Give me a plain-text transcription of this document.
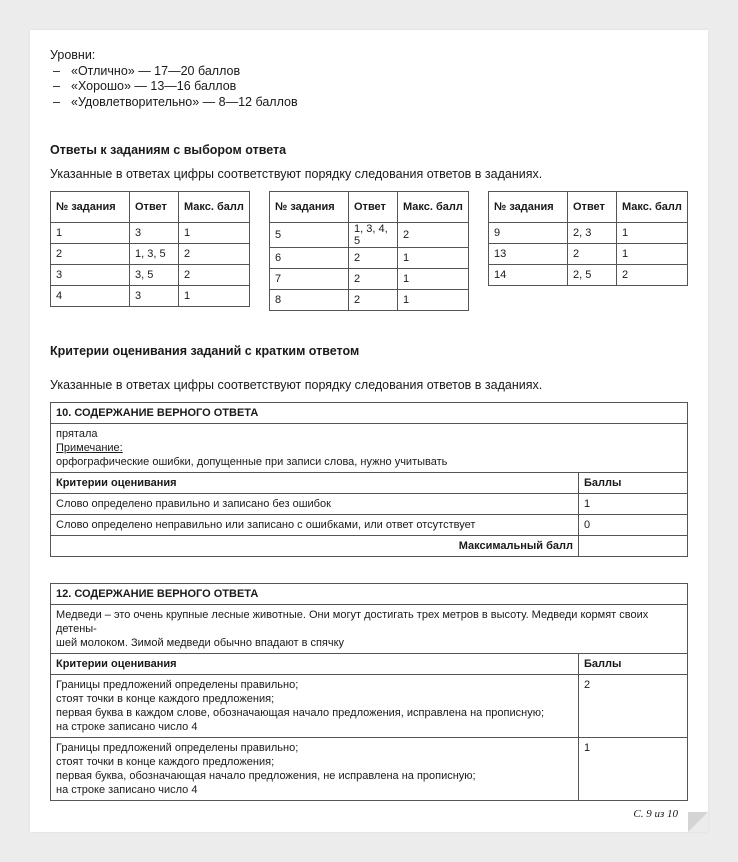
Уровни:
– «Отлично» — 17—20 баллов
– «Хорошо» — 13—16 баллов
– «Удовлетворительно» — 8—12 баллов
Ответы к заданиям с выбором ответа
Указанные в ответах цифры соответствуют порядку следования ответов в заданиях.
№ задания	Ответ	Макс. балл
1	3	1
2	1, 3, 5	2
3	3, 5	2
4	3	1
№ задания	Ответ	Макс. балл
5	1, 3, 4, 5	2
6	2	1
7	2	1
8	2	1
№ задания	Ответ	Макс. балл
9	2, 3	1
13	2	1
14	2, 5	2
Критерии оценивания заданий с кратким ответом
Указанные в ответах цифры соответствуют порядку следования ответов в заданиях.
10. СОДЕРЖАНИЕ ВЕРНОГО ОТВЕТА	

прятала
Примечание:
орфографические ошибки, допущенные при записи слова, нужно учитывать	

Критерии оценивания	Баллы
Слово определено правильно и записано без ошибок	1
Слово определено неправильно или записано с ошибками, или ответ отсутствует	0
Максимальный балл	
12. СОДЕРЖАНИЕ ВЕРНОГО ОТВЕТА	

Медведи – это очень крупные лесные животные. Они могут достигать трех метров в высоту. Медведи кормят своих детены-
шей молоком. Зимой медведи обычно впадают в спячку	

Критерии оценивания	Баллы

Границы предложений определены правильно;
стоят точки в конце каждого предложения;
первая буква в каждом слове, обозначающая начало предложения, исправлена на прописную;
на строке записано число 4	2

Границы предложений определены правильно;
стоят точки в конце каждого предложения;
первая буква, обозначающая начало предложения, не исправлена на прописную;
на строке записано число 4	1
С. 9 из 10
